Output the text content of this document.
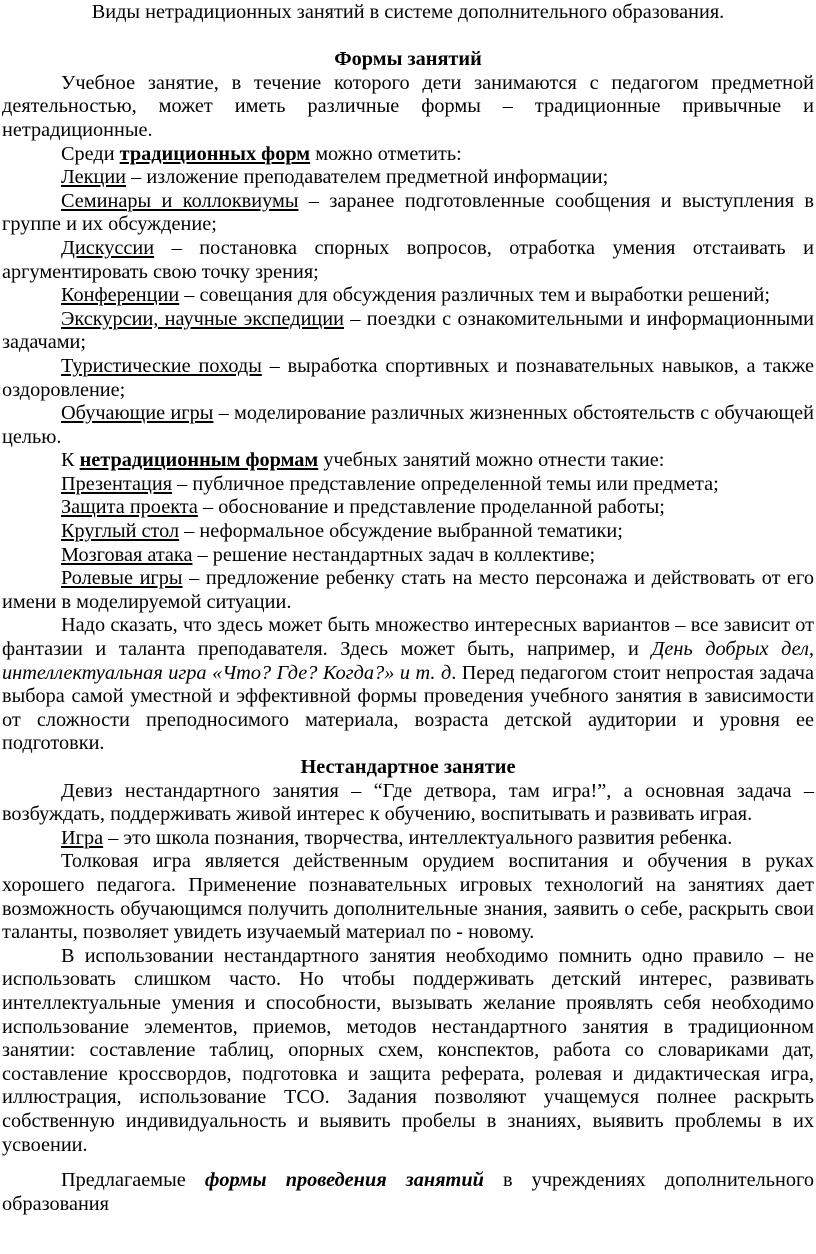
Виды нетрадиционных занятий в системе дополнительного образования.

Формы занятий

Учебное занятие, в течение которого дети занимаются с педагогом предметной деятельностью, может иметь различные формы – традиционные привычные и нетрадиционные.

Среди традиционных форм можно отметить:

Лекции – изложение преподавателем предметной информации;

Семинары и коллоквиумы – заранее подготовленные сообщения и выступления в группе и их обсуждение;

Дискуссии – постановка спорных вопросов, отработка умения отстаивать и аргументировать свою точку зрения;

Конференции – совещания для обсуждения различных тем и выработки решений;

Экскурсии, научные экспедиции – поездки с ознакомительными и информационными задачами;

Туристические походы – выработка спортивных и познавательных навыков, а также оздоровление;

Обучающие игры – моделирование различных жизненных обстоятельств с обучающей целью.

К нетрадиционным формам учебных занятий можно отнести такие:

Презентация – публичное представление определенной темы или предмета;

Защита проекта – обоснование и представление проделанной работы;

Круглый стол – неформальное обсуждение выбранной тематики;

Мозговая атака – решение нестандартных задач в коллективе;

Ролевые игры – предложение ребенку стать на место персонажа и действовать от его имени в моделируемой ситуации.

Надо сказать, что здесь может быть множество интересных вариантов – все зависит от фантазии и таланта преподавателя. Здесь может быть, например, и День добрых дел, интеллектуальная игра «Что? Где? Когда?» и т. д. Перед педагогом стоит непростая задача выбора самой уместной и эффективной формы проведения учебного занятия в зависимости от сложности преподносимого материала, возраста детской аудитории и уровня ее подготовки.

Нестандартное занятие

Девиз нестандартного занятия – “Где детвора, там игра!”, а основная задача – возбуждать, поддерживать живой интерес к обучению, воспитывать и развивать играя.

Игра – это школа познания, творчества, интеллектуального развития ребенка.

Толковая игра является действенным орудием воспитания и обучения в руках хорошего педагога. Применение познавательных игровых технологий на занятиях дает возможность обучающимся получить дополнительные знания, заявить о себе, раскрыть свои таланты, позволяет увидеть изучаемый материал по - новому.

В использовании нестандартного занятия необходимо помнить одно правило – не использовать слишком часто. Но чтобы поддерживать детский интерес, развивать интеллектуальные умения и способности, вызывать желание проявлять себя необходимо использование элементов, приемов, методов нестандартного занятия в традиционном занятии: составление таблиц, опорных схем, конспектов, работа со словариками дат, составление кроссвордов, подготовка и защита реферата, ролевая и дидактическая игра, иллюстрация, использование ТСО. Задания позволяют учащемуся полнее раскрыть собственную индивидуальность и выявить пробелы в знаниях, выявить проблемы в их усвоении.

Предлагаемые формы проведения занятий в учреждениях дополнительного образования
